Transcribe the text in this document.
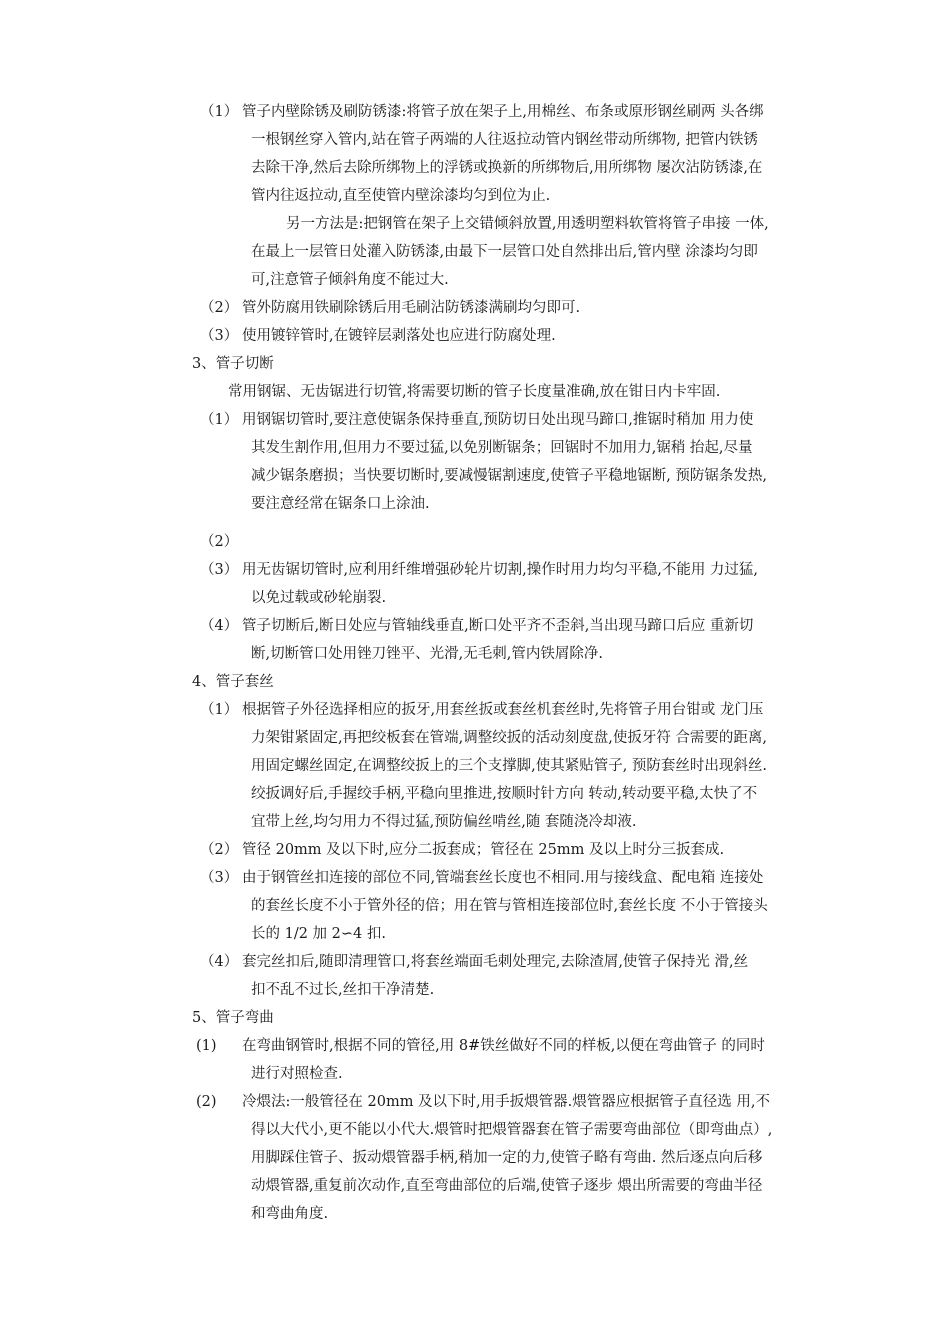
（1） 管子内壁除锈及刷防锈漆:将管子放在架子上,用棉丝、布条或原形钢丝刷两 头各绑
一根钢丝穿入管内,站在管子两端的人往返拉动管内钢丝带动所绑物, 把管内铁锈
去除干净,然后去除所绑物上的浮锈或换新的所绑物后,用所绑物 屡次沾防锈漆,在
管内往返拉动,直至使管内壁涂漆均匀到位为止.
另一方法是:把钢管在架子上交错倾斜放置,用透明塑料软管将管子串接 一体,
在最上一层管日处灌入防锈漆,由最下一层管口处自然排出后,管内壁 涂漆均匀即
可,注意管子倾斜角度不能过大.
（2） 管外防腐用铁刷除锈后用毛刷沾防锈漆满刷均匀即可.
（3） 使用镀锌管时,在镀锌层剥落处也应进行防腐处理.
3、管子切断
常用钢锯、无齿锯进行切管,将需要切断的管子长度量准确,放在钳日内卡牢固.
（1） 用钢锯切管时,要注意使锯条保持垂直,预防切日处出现马蹄口,推锯时稍加 用力使
其发生割作用,但用力不要过猛,以免别断锯条；回锯时不加用力,锯稍 抬起,尽量
减少锯条磨损；当快要切断时,要减慢锯割速度,使管子平稳地锯断, 预防锯条发热,
要注意经常在锯条口上涂油.
（2）
（3） 用无齿锯切管时,应利用纤维增强砂轮片切割,操作时用力均匀平稳,不能用 力过猛,
以免过载或砂轮崩裂.
（4） 管子切断后,断日处应与管轴线垂直,断口处平齐不歪斜,当出现马蹄口后应 重新切
断,切断管口处用锉刀锉平、光滑,无毛刺,管内铁屑除净.
4、管子套丝
（1） 根据管子外径选择相应的扳牙,用套丝扳或套丝机套丝时,先将管子用台钳或 龙门压
力架钳紧固定,再把绞板套在管端,调整绞扳的活动刻度盘,使扳牙符 合需要的距离,
用固定螺丝固定,在调整绞扳上的三个支撑脚,使其紧贴管子, 预防套丝时出现斜丝.
绞扳调好后,手握绞手柄,平稳向里推进,按顺时针方向 转动,转动要平稳,太快了不
宜带上丝,均匀用力不得过猛,预防偏丝啃丝,随 套随浇冷却液.
（2） 管径 20mm 及以下时,应分二扳套成；管径在 25mm 及以上时分三扳套成.
（3） 由于钢管丝扣连接的部位不同,管端套丝长度也不相同.用与接线盒、配电箱 连接处
的套丝长度不小于管外径的倍；用在管与管相连接部位时,套丝长度 不小于管接头
长的 1/2 加 2∽4 扣.
（4） 套完丝扣后,随即清理管口,将套丝端面毛刺处理完,去除渣屑,使管子保持光 滑,丝
扣不乱不过长,丝扣干净清楚.
5、管子弯曲
(1) 在弯曲钢管时,根据不同的管径,用 8#铁丝做好不同的样板,以便在弯曲管子 的同时
进行对照检查.
(2) 冷煨法:一般管径在 20mm 及以下时,用手扳煨管器.煨管器应根据管子直径选 用,不
得以大代小,更不能以小代大.煨管时把煨管器套在管子需要弯曲部位（即弯曲点）,
用脚踩住管子、扳动煨管器手柄,稍加一定的力,使管子略有弯曲. 然后逐点向后移
动煨管器,重复前次动作,直至弯曲部位的后端,使管子逐步 煨出所需要的弯曲半径
和弯曲角度.
